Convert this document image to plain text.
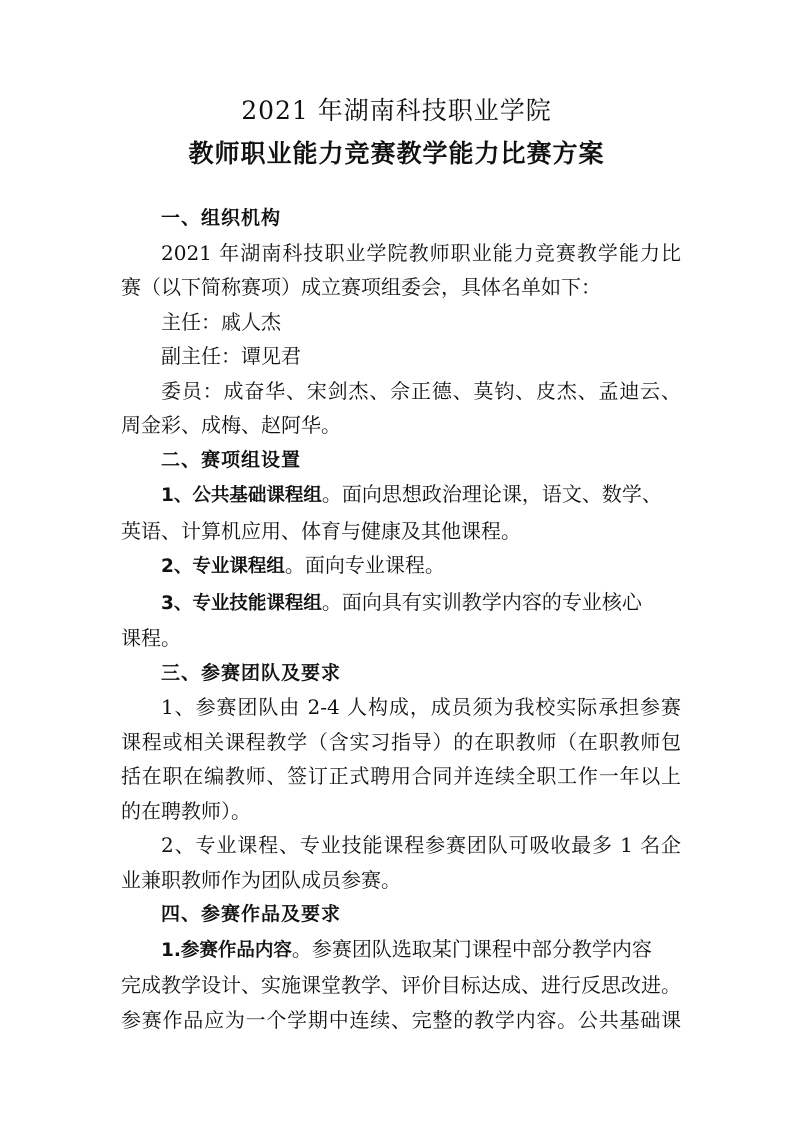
2021 年湖南科技职业学院
教师职业能力竞赛教学能力比赛方案

一、组织机构

2021 年湖南科技职业学院教师职业能力竞赛教学能力比

赛（以下简称赛项）成立赛项组委会，具体名单如下：

主任：戚人杰

副主任：谭见君

委员：成奋华、宋剑杰、佘正德、莫钧、皮杰、孟迪云、

周金彩、成梅、赵阿华。

二、赛项组设置

1、公共基础课程组。面向思想政治理论课，语文、数学、

英语、计算机应用、体育与健康及其他课程。

2、专业课程组。面向专业课程。

3、专业技能课程组。面向具有实训教学内容的专业核心

课程。

三、参赛团队及要求

1、参赛团队由 2-4 人构成，成员须为我校实际承担参赛

课程或相关课程教学（含实习指导）的在职教师（在职教师包

括在职在编教师、签订正式聘用合同并连续全职工作一年以上

的在聘教师）。

2、专业课程、专业技能课程参赛团队可吸收最多 1 名企

业兼职教师作为团队成员参赛。

四、参赛作品及要求

1.参赛作品内容。参赛团队选取某门课程中部分教学内容

完成教学设计、实施课堂教学、评价目标达成、进行反思改进。

参赛作品应为一个学期中连续、完整的教学内容。公共基础课
